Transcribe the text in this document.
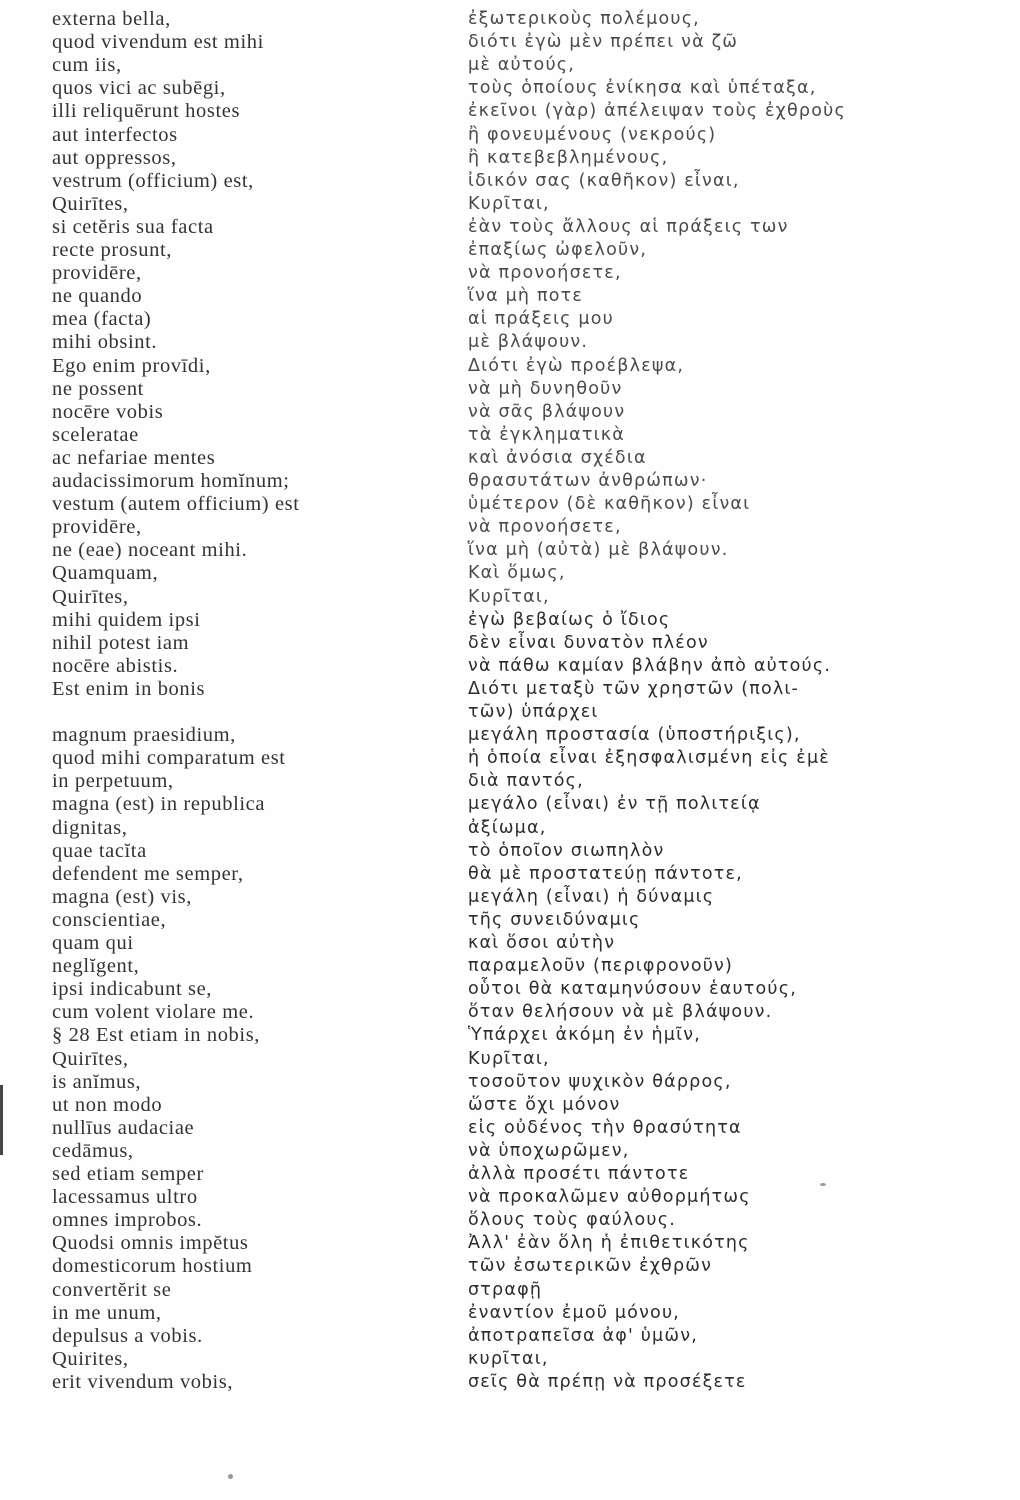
externa bella,
quod vivendum est mihi
cum iis,
quos vici ac subēgi,
illi reliquērunt hostes
aut interfectos
aut oppressos,
vestrum (officium) est,
Quirītes,
si cetĕris sua facta
recte prosunt,
providēre,
ne quando
mea (facta)
mihi obsint.
Ego enim provīdi,
ne possent
nocēre vobis
sceleratae
ac nefariae mentes
audacissimorum homĭnum;
vestum (autem officium) est
providēre,
ne (eae) noceant mihi.
Quamquam,
Quirītes,
mihi quidem ipsi
nihil potest iam
nocēre abistis.
Est enim in bonis
magnum praesidium,
quod mihi comparatum est
in perpetuum,
magna (est) in republica
dignitas,
quae tacĭta
defendent me semper,
magna (est) vis,
conscientiae,
quam qui
neglĭgent,
ipsi indicabunt se,
cum volent violare me.
§ 28 Est etiam in nobis,
Quirītes,
is anĭmus,
ut non modo
nullīus audaciae
cedāmus,
sed etiam semper
lacessamus ultro
omnes improbos.
Quodsi omnis impĕtus
domesticorum hostium
convertĕrit se
in me unum,
depulsus a vobis.
Quirites,
erit vivendum vobis,
ἐξωτερικοὺς πολέμους,
διότι ἐγὼ μὲν πρέπει νὰ ζῶ
μὲ αὐτούς,
τοὺς ὁποίους ἐνίκησα καὶ ὑπέταξα,
ἐκεῖνοι (γὰρ) ἀπέλειψαν τοὺς ἐχθροὺς
ἢ φονευμένους (νεκρούς)
ἢ κατεβεβλημένους,
ἰδικόν σας (καθῆκον) εἶναι,
Κυρῖται,
ἐὰν τοὺς ἄλλους αἱ πράξεις των
ἐπαξίως ὠφελοῦν,
νὰ προνοήσετε,
ἵνα μὴ ποτε
αἱ πράξεις μου
μὲ βλάψουν.
Διότι ἐγὼ προέβλεψα,
νὰ μὴ δυνηθοῦν
νὰ σᾶς βλάψουν
τὰ ἐγκληματικὰ
καὶ ἀνόσια σχέδια
θρασυτάτων ἀνθρώπων·
ὑμέτερον (δὲ καθῆκον) εἶναι
νὰ προνοήσετε,
ἵνα μὴ (αὐτὰ) μὲ βλάψουν.
Καὶ ὅμως,
Κυρῖται,
ἐγὼ βεβαίως ὁ ἴδιος
δὲν εἶναι δυνατὸν πλέον
νὰ πάθω καμίαν βλάβην ἀπὸ αὐτούς.
Διότι μεταξὺ τῶν χρηστῶν (πολι-
τῶν) ὑπάρχει
μεγάλη προστασία (ὑποστήριξις),
ἡ ὁποία εἶναι ἐξησφαλισμένη εἰς ἐμὲ
διὰ παντός,
μεγάλο (εἶναι) ἐν τῇ πολιτείᾳ
ἀξίωμα,
τὸ ὁποῖον σιωπηλὸν
θὰ μὲ προστατεύῃ πάντοτε,
μεγάλη (εἶναι) ἡ δύναμις
τῆς συνειδύναμις
καὶ ὅσοι αὐτὴν
παραμελοῦν (περιφρονοῦν)
οὗτοι θὰ καταμηνύσουν ἑαυτούς,
ὅταν θελήσουν νὰ μὲ βλάψουν.
Ὑπάρχει ἀκόμη ἐν ἡμῖν,
Κυρῖται,
τοσοῦτον ψυχικὸν θάρρος,
ὥστε ὄχι μόνον
εἰς οὐδένος τὴν θρασύτητα
νὰ ὑποχωρῶμεν,
ἀλλὰ προσέτι πάντοτε
νὰ προκαλῶμεν αὐθορμήτως
ὅλους τοὺς φαύλους.
Ἀλλ' ἐὰν ὅλη ἡ ἐπιθετικότης
τῶν ἐσωτερικῶν ἐχθρῶν
στραφῇ
ἐναντίον ἐμοῦ μόνου,
ἀποτραπεῖσα ἀφ' ὑμῶν,
κυρῖται,
σεῖς θὰ πρέπῃ νὰ προσέξετε
